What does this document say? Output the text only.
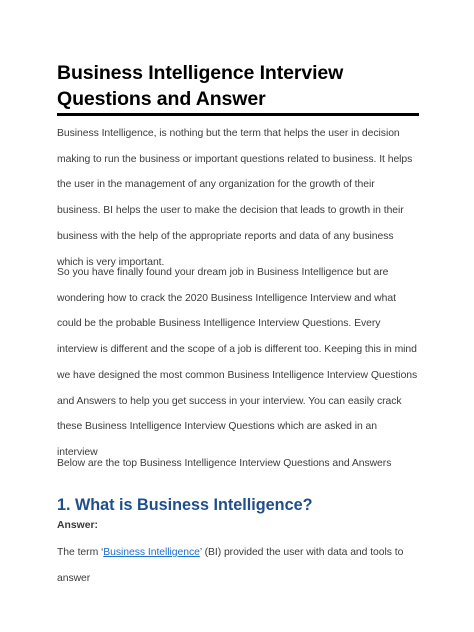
Business Intelligence Interview Questions and Answer

Business Intelligence, is nothing but the term that helps the user in decision making to run the business or important questions related to business. It helps the user in the management of any organization for the growth of their business. BI helps the user to make the decision that leads to growth in their business with the help of the appropriate reports and data of any business which is very important.

So you have finally found your dream job in Business Intelligence but are wondering how to crack the 2020 Business Intelligence Interview and what could be the probable Business Intelligence Interview Questions. Every interview is different and the scope of a job is different too. Keeping this in mind we have designed the most common Business Intelligence Interview Questions and Answers to help you get success in your interview. You can easily crack these Business Intelligence Interview Questions which are asked in an interview

Below are the top Business Intelligence Interview Questions and Answers

1. What is Business Intelligence?

Answer:

The term ‘Business Intelligence’ (BI) provided the user with data and tools to answer
